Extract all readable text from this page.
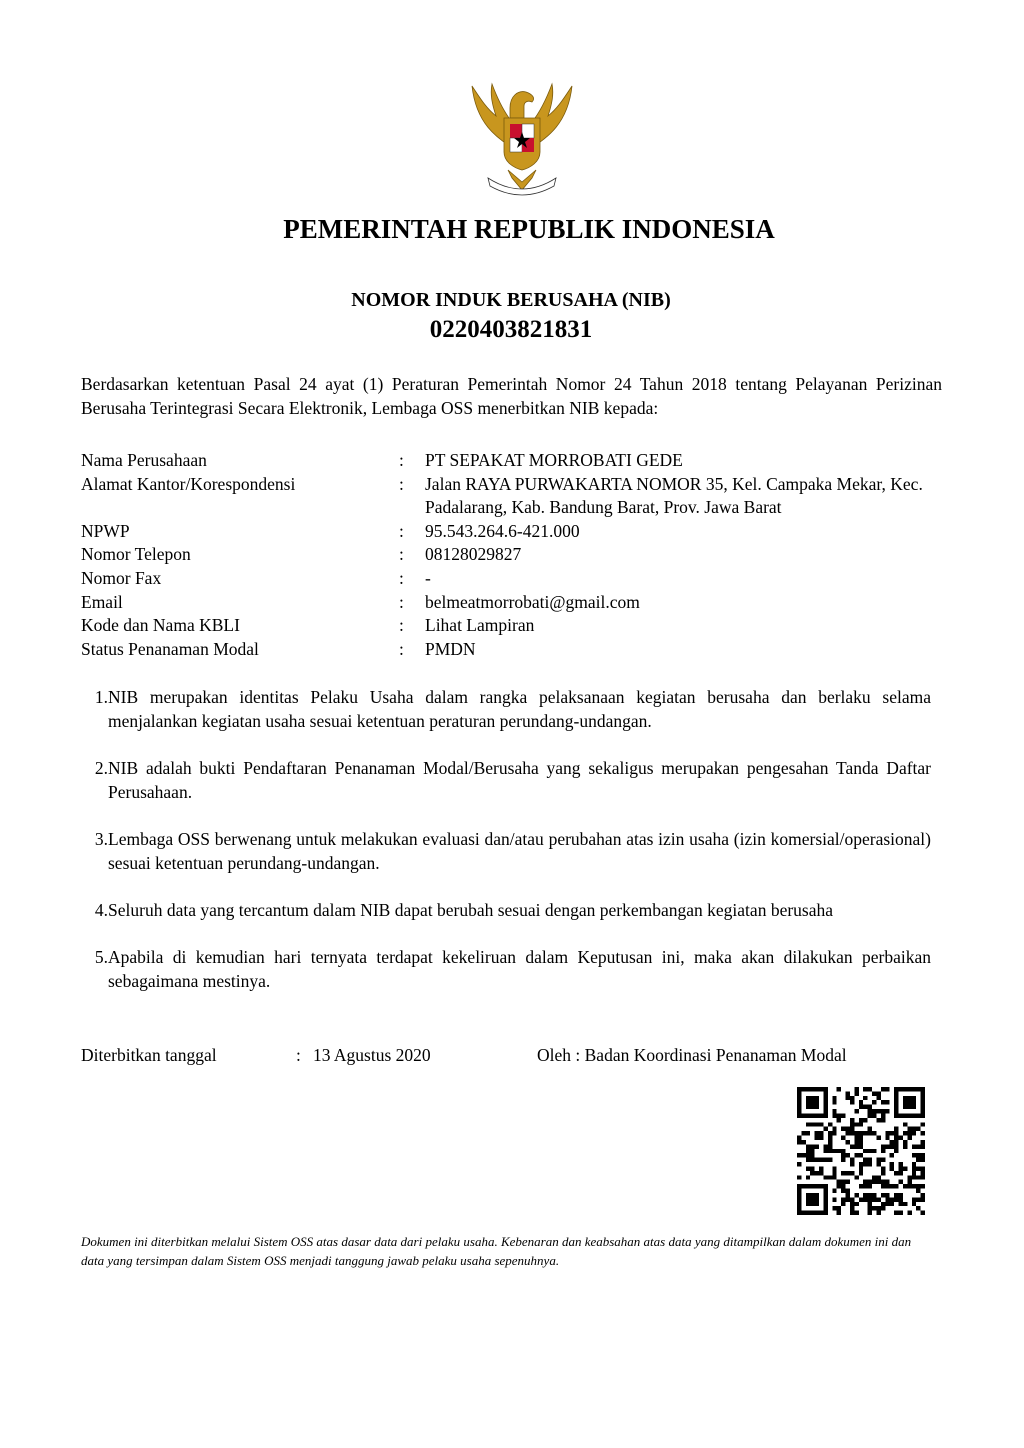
PEMERINTAH REPUBLIK INDONESIA
NOMOR INDUK BERUSAHA (NIB)
0220403821831
Berdasarkan ketentuan Pasal 24 ayat (1) Peraturan Pemerintah Nomor 24 Tahun 2018 tentang Pelayanan Perizinan Berusaha Terintegrasi Secara Elektronik, Lembaga OSS menerbitkan NIB kepada:
Nama Perusahaan	:	PT SEPAKAT MORROBATI GEDE
Alamat Kantor/Korespondensi	:	Jalan RAYA PURWAKARTA NOMOR 35, Kel. Campaka Mekar, Kec. Padalarang, Kab. Bandung Barat, Prov. Jawa Barat
NPWP	:	95.543.264.6-421.000
Nomor Telepon	:	08128029827
Nomor Fax	:	-
Email	:	belmeatmorrobati@gmail.com
Kode dan Nama KBLI	:	Lihat Lampiran
Status Penanaman Modal	:	PMDN
1. NIB merupakan identitas Pelaku Usaha dalam rangka pelaksanaan kegiatan berusaha dan berlaku selama menjalankan kegiatan usaha sesuai ketentuan peraturan perundang-undangan.
2. NIB adalah bukti Pendaftaran Penanaman Modal/Berusaha yang sekaligus merupakan pengesahan Tanda Daftar Perusahaan.
3. Lembaga OSS berwenang untuk melakukan evaluasi dan/atau perubahan atas izin usaha (izin komersial/operasional) sesuai ketentuan perundang-undangan.
4. Seluruh data yang tercantum dalam NIB dapat berubah sesuai dengan perkembangan kegiatan berusaha
5. Apabila di kemudian hari ternyata terdapat kekeliruan dalam Keputusan ini, maka akan dilakukan perbaikan sebagaimana mestinya.
Diterbitkan tanggal	: 13 Agustus 2020	Oleh : Badan Koordinasi Penanaman Modal
Dokumen ini diterbitkan melalui Sistem OSS atas dasar data dari pelaku usaha. Kebenaran dan keabsahan atas data yang ditampilkan dalam dokumen ini dan data yang tersimpan dalam Sistem OSS menjadi tanggung jawab pelaku usaha sepenuhnya.
